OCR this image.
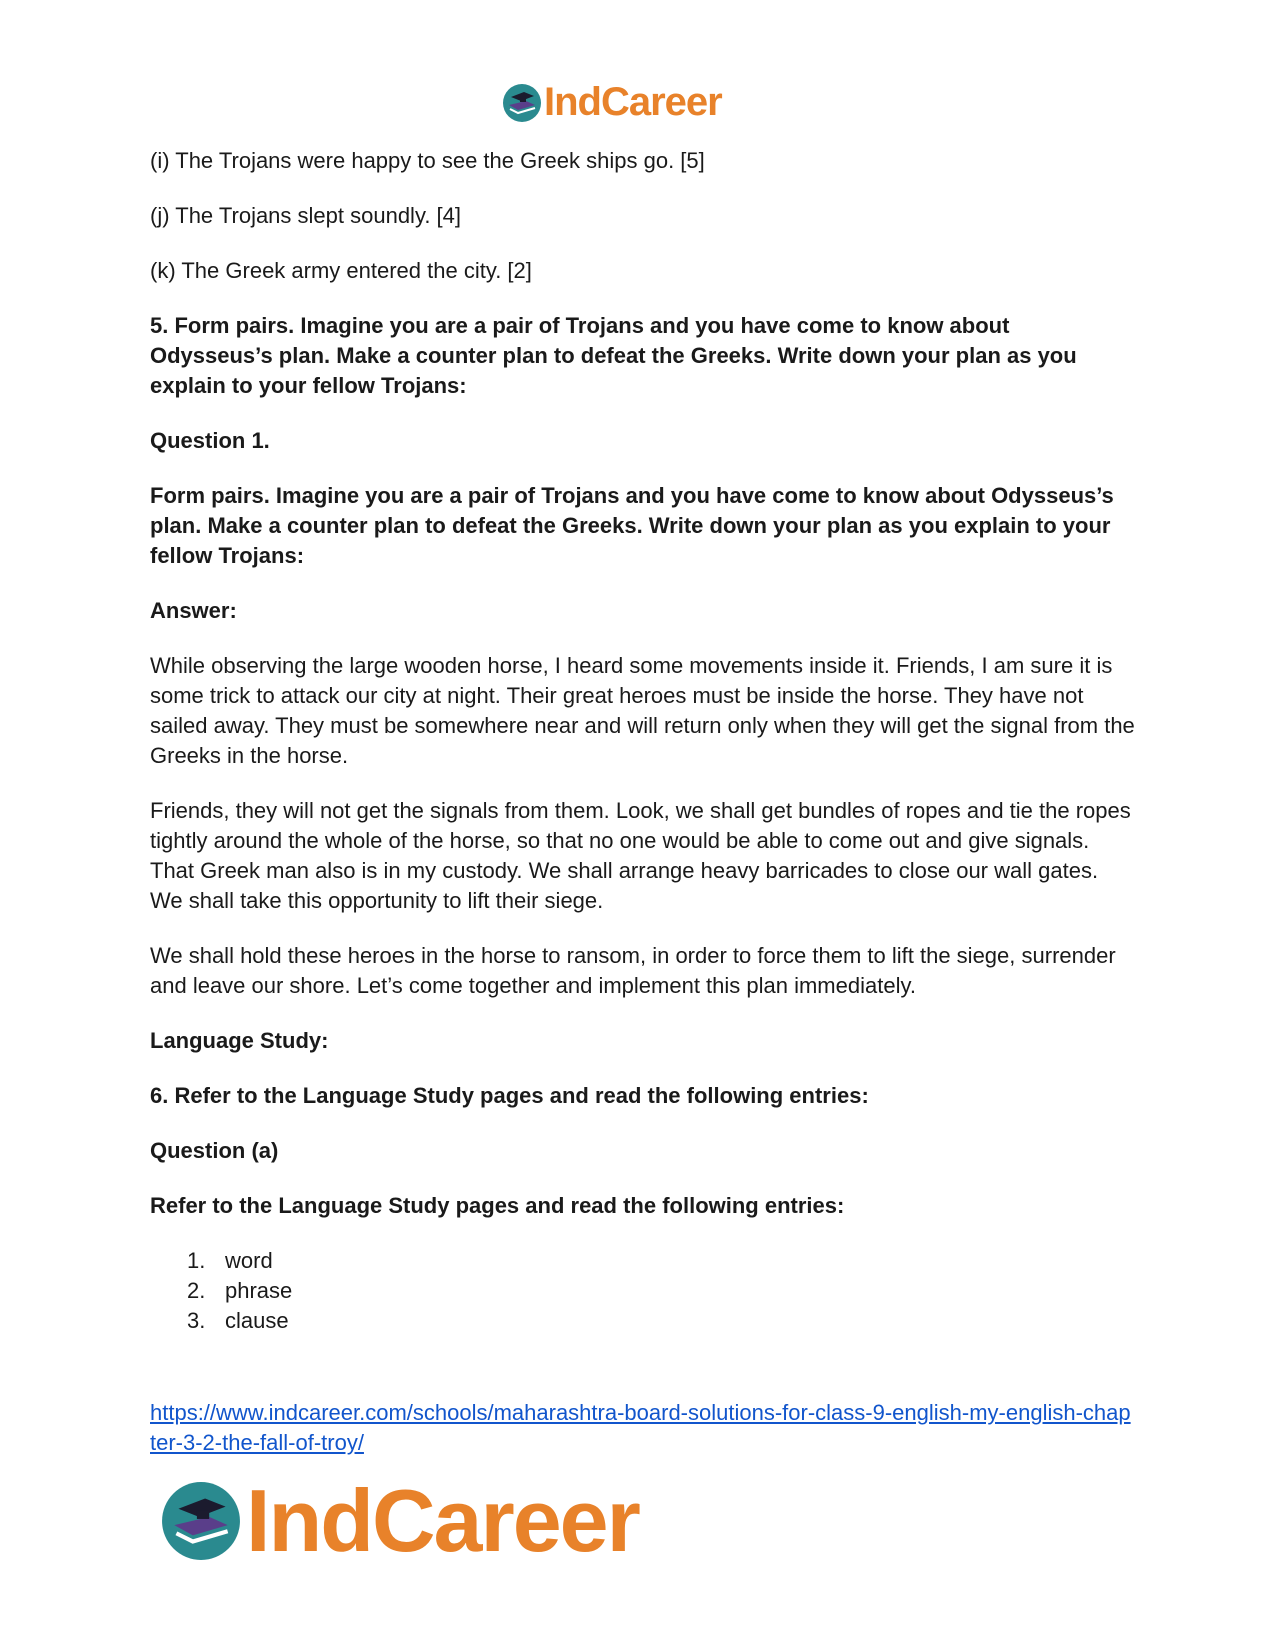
IndCareer

(i) The Trojans were happy to see the Greek ships go. [5]

(j) The Trojans slept soundly. [4]

(k) The Greek army entered the city. [2]

5. Form pairs. Imagine you are a pair of Trojans and you have come to know about Odysseus’s plan. Make a counter plan to defeat the Greeks. Write down your plan as you explain to your fellow Trojans:

Question 1.

Form pairs. Imagine you are a pair of Trojans and you have come to know about Odysseus’s plan. Make a counter plan to defeat the Greeks. Write down your plan as you explain to your fellow Trojans:

Answer:

While observing the large wooden horse, I heard some movements inside it. Friends, I am sure it is some trick to attack our city at night. Their great heroes must be inside the horse. They have not sailed away. They must be somewhere near and will return only when they will get the signal from the Greeks in the horse.

Friends, they will not get the signals from them. Look, we shall get bundles of ropes and tie the ropes tightly around the whole of the horse, so that no one would be able to come out and give signals. That Greek man also is in my custody. We shall arrange heavy barricades to close our wall gates. We shall take this opportunity to lift their siege.

We shall hold these heroes in the horse to ransom, in order to force them to lift the siege, surrender and leave our shore. Let’s come together and implement this plan immediately.

Language Study:

6. Refer to the Language Study pages and read the following entries:

Question (a)

Refer to the Language Study pages and read the following entries:

1. word
2. phrase
3. clause
https://www.indcareer.com/schools/maharashtra-board-solutions-for-class-9-english-my-english-chapter-3-2-the-fall-of-troy/
IndCareer
